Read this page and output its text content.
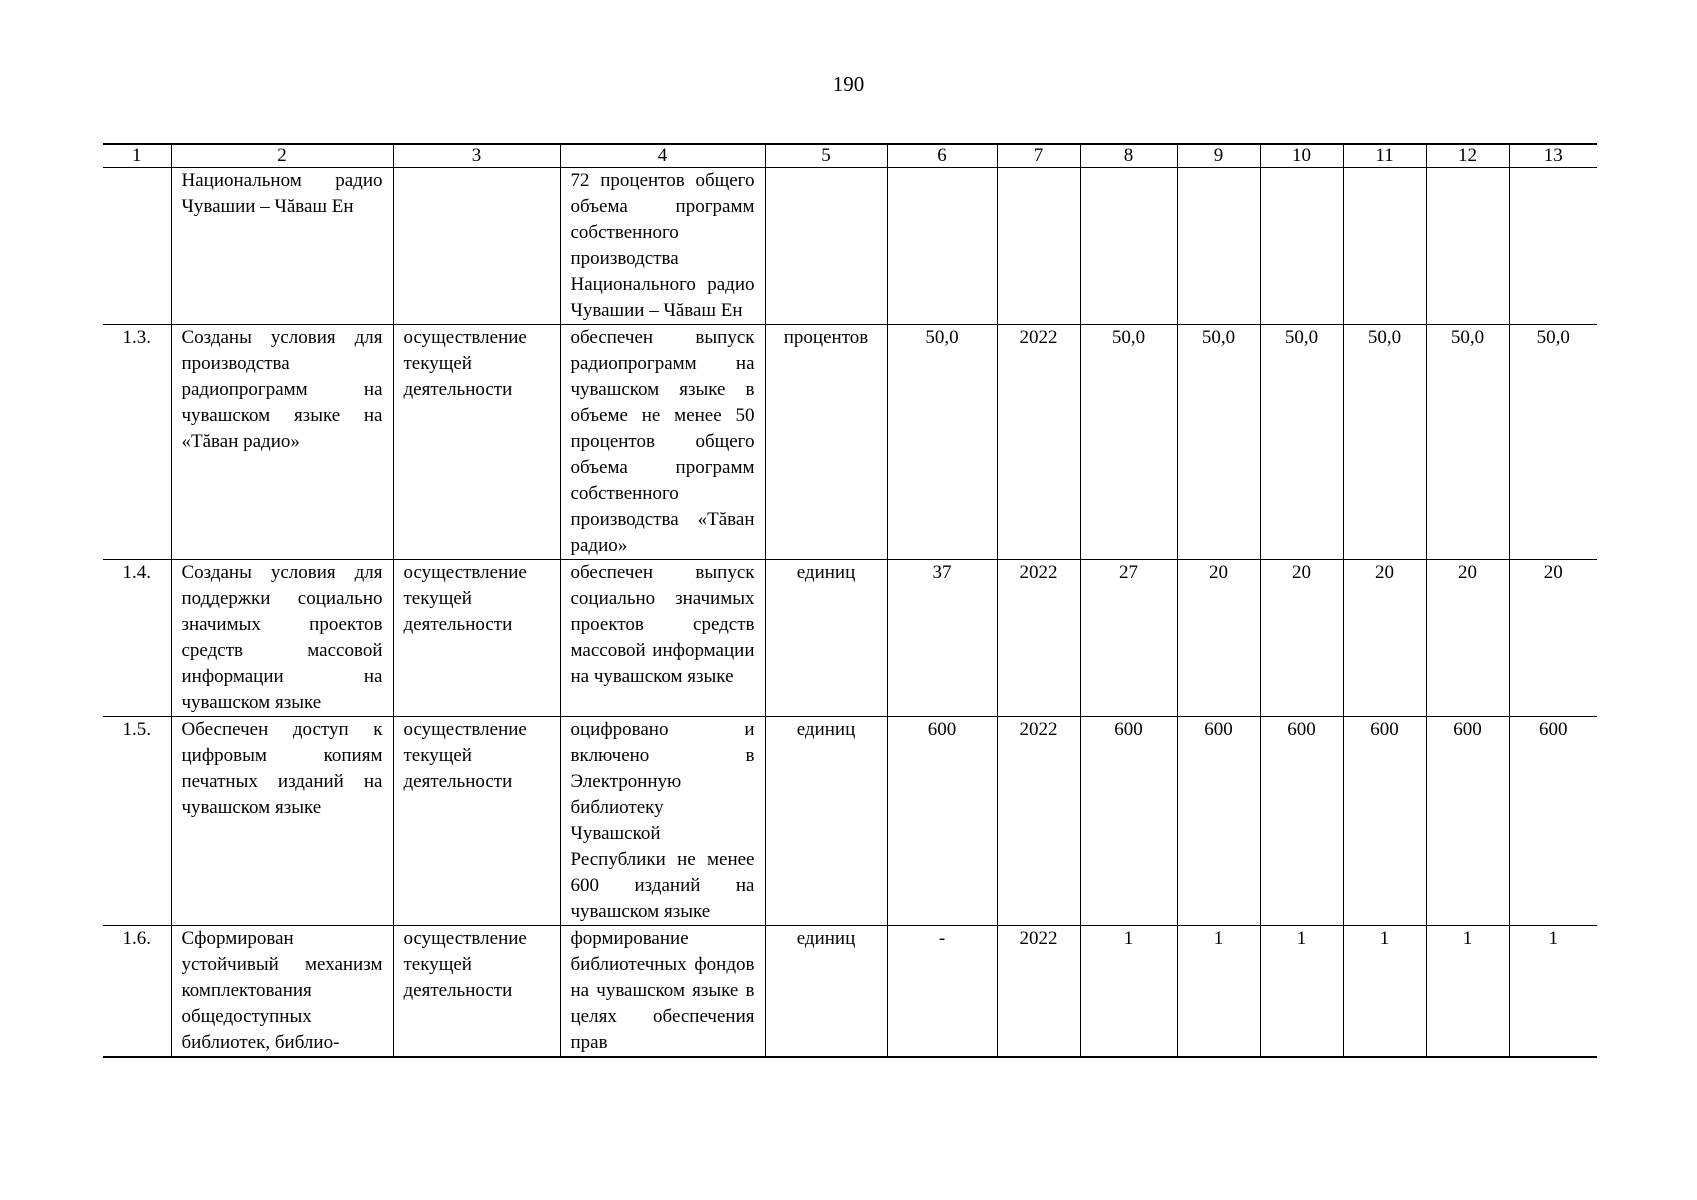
190
1	2	3	4	5	6	7	8	9	10	11	12	13
	Национальном радио Чувашии – Чăваш Ен		72 процентов общего объема программ собственного производства Национального радио Чувашии – Чăваш Ен									
1.3.	Созданы условия для производства радиопрограмм на чувашском языке на «Тăван радио»	осуществление текущей деятельности	обеспечен выпуск радиопрограмм на чувашском языке в объеме не менее 50 процентов общего объема программ собственного производства «Тăван радио»	процентов	50,0	2022	50,0	50,0	50,0	50,0	50,0	50,0
1.4.	Созданы условия для поддержки социально значимых проектов средств массовой информации на чувашском языке	осуществление текущей деятельности	обеспечен выпуск социально значимых проектов средств массовой информации на чувашском языке	единиц	37	2022	27	20	20	20	20	20
1.5.	Обеспечен доступ к цифровым копиям печатных изданий на чувашском языке	осуществление текущей деятельности	оцифровано и включено в Электронную библиотеку Чувашской Республики не менее 600 изданий на чувашском языке	единиц	600	2022	600	600	600	600	600	600
1.6.	Сформирован устойчивый механизм комплектования общедоступных библиотек, библио-	осуществление текущей деятельности	формирование библиотечных фондов на чувашском языке в целях обеспечения прав	единиц	-	2022	1	1	1	1	1	1
